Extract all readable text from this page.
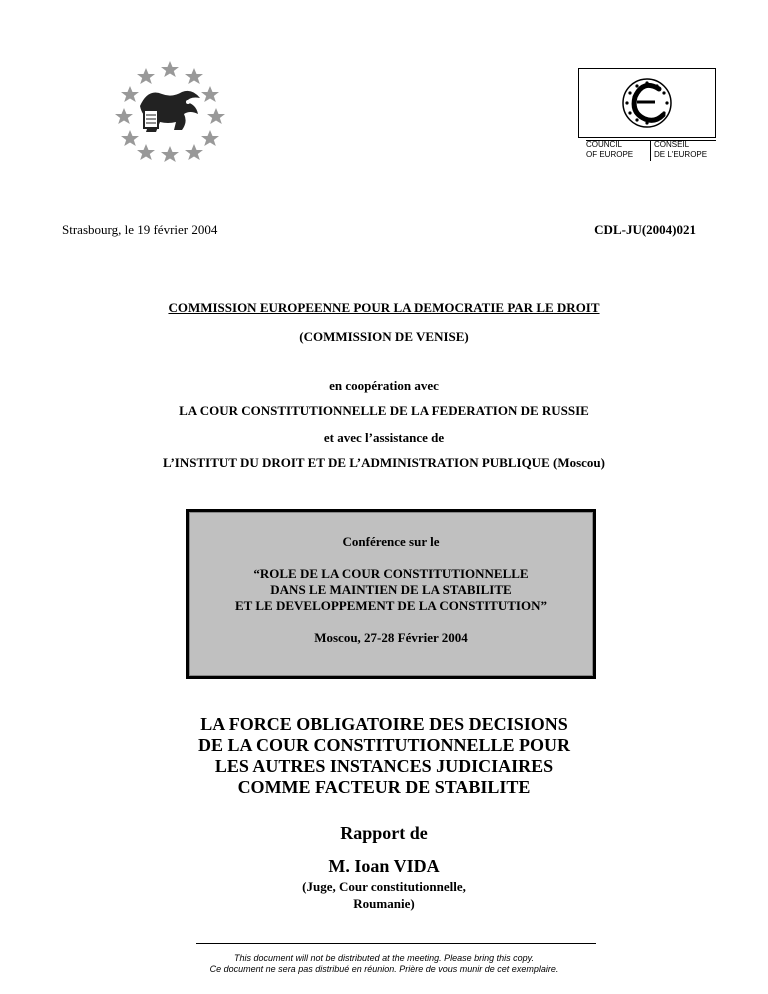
COUNCIL
OF EUROPECONSEIL
DE L'EUROPE
Strasbourg, le 19 février 2004	CDL-JU(2004)021
COMMISSION EUROPEENNE POUR LA DEMOCRATIE PAR LE DROIT
(COMMISSION DE VENISE)
en coopération avec
LA COUR CONSTITUTIONNELLE DE LA FEDERATION DE RUSSIE
et avec l’assistance de
L’INSTITUT DU DROIT ET DE L’ADMINISTRATION PUBLIQUE (Moscou)
Conférence sur le
“ROLE DE LA COUR CONSTITUTIONNELLE
DANS LE MAINTIEN DE LA STABILITE
ET LE DEVELOPPEMENT DE LA CONSTITUTION”
Moscou, 27-28 Février 2004
LA FORCE OBLIGATOIRE DES DECISIONS
DE LA COUR CONSTITUTIONNELLE POUR
LES AUTRES INSTANCES JUDICIAIRES
COMME FACTEUR DE STABILITE
Rapport de
M. Ioan VIDA
(Juge, Cour constitutionnelle,
Roumanie)
This document will not be distributed at the meeting. Please bring this copy.
Ce document ne sera pas distribué en réunion. Prière de vous munir de cet exemplaire.
